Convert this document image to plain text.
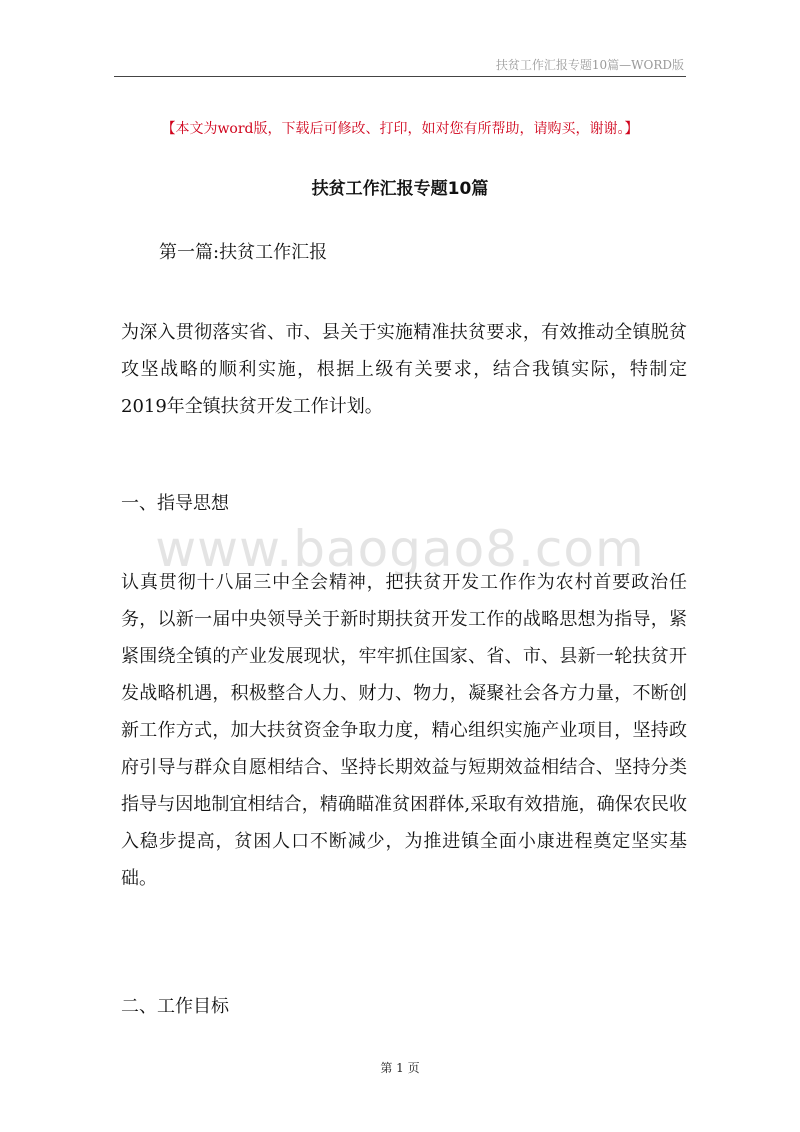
扶贫工作汇报专题10篇—WORD版
【本文为word版，下载后可修改、打印，如对您有所帮助，请购买，谢谢。】
扶贫工作汇报专题10篇
第一篇:扶贫工作汇报

为深入贯彻落实省、市、县关于实施精准扶贫要求，有效推动全镇脱贫攻坚战略的顺利实施，根据上级有关要求，结合我镇实际，特制定2019年全镇扶贫开发工作计划。

一、指导思想
www.baogao8.com

认真贯彻十八届三中全会精神，把扶贫开发工作作为农村首要政治任务，以新一届中央领导关于新时期扶贫开发工作的战略思想为指导，紧紧围绕全镇的产业发展现状，牢牢抓住国家、省、市、县新一轮扶贫开发战略机遇，积极整合人力、财力、物力，凝聚社会各方力量，不断创新工作方式，加大扶贫资金争取力度，精心组织实施产业项目，坚持政府引导与群众自愿相结合、坚持长期效益与短期效益相结合、坚持分类指导与因地制宜相结合，精确瞄准贫困群体,采取有效措施，确保农民收入稳步提高，贫困人口不断减少，为推进镇全面小康进程奠定坚实基础。

二、工作目标
第 1 页
